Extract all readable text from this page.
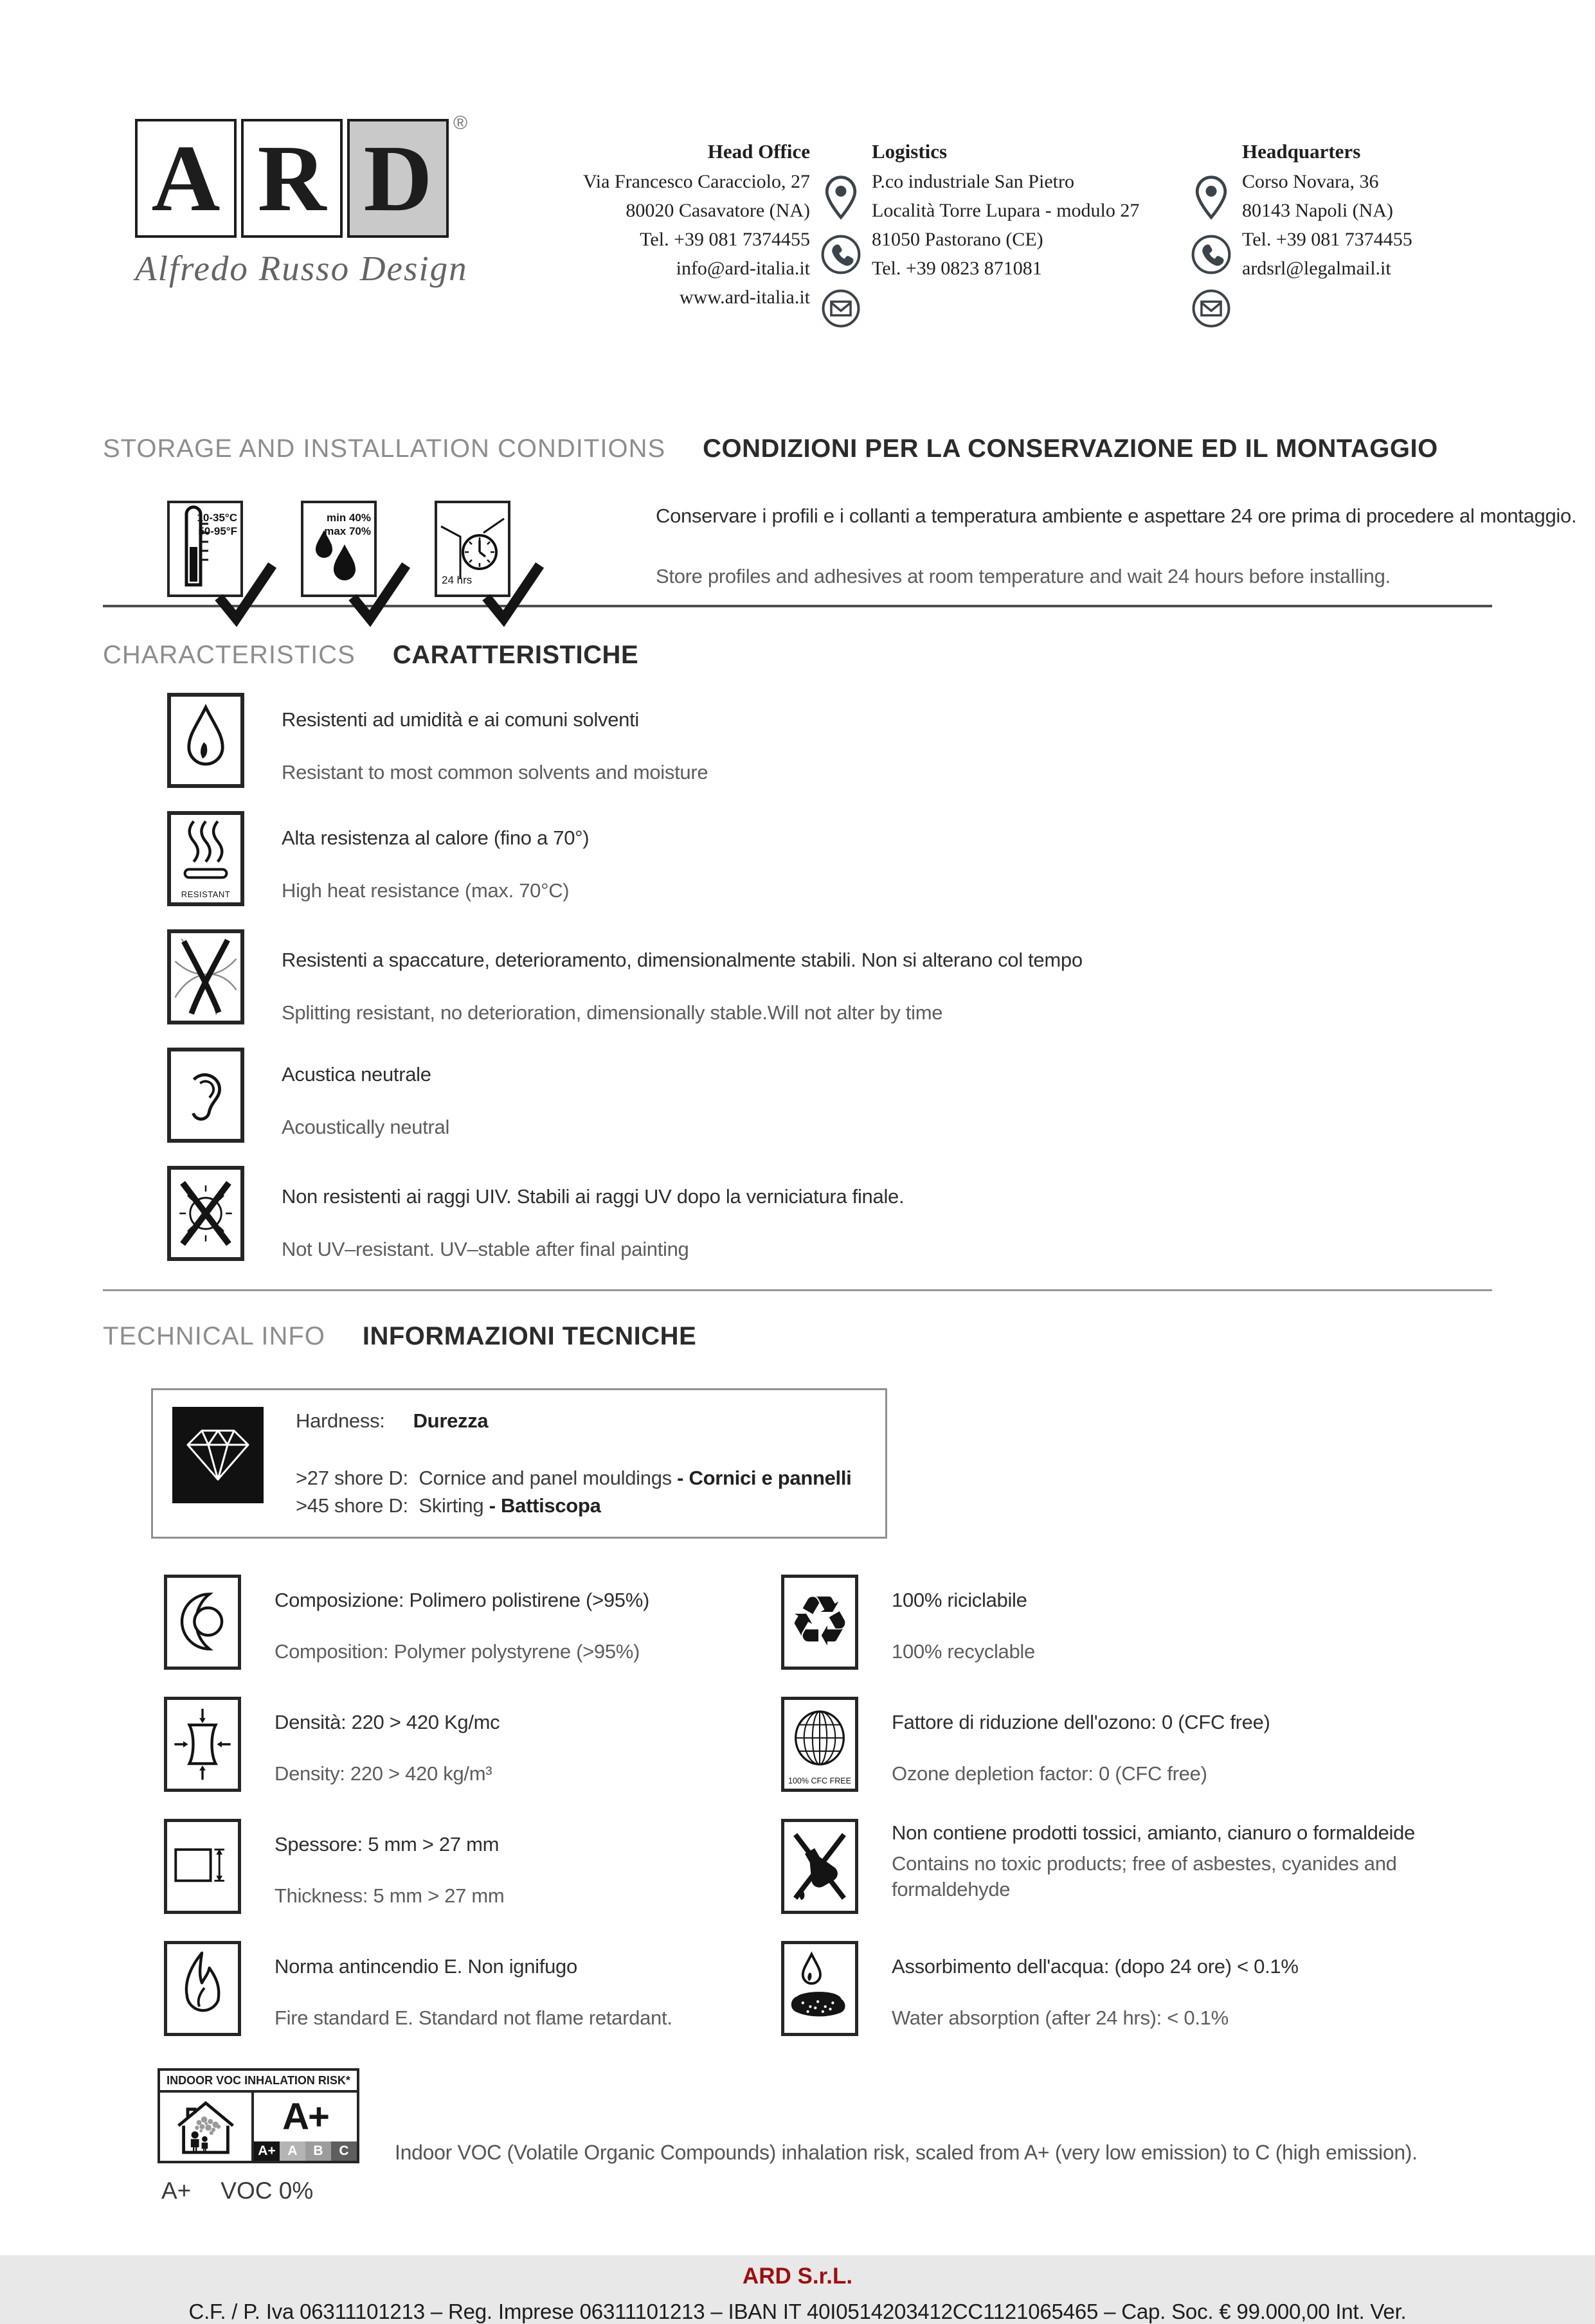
A R D
®
Alfredo Russo Design
Head Office
Via Francesco Caracciolo, 27
80020 Casavatore (NA)
Tel. +39 081 7374455
info@ard-italia.it
www.ard-italia.it
Logistics
P.co industriale San Pietro
Località Torre Lupara - modulo 27
81050 Pastorano (CE)
Tel. +39 0823 871081
Headquarters
Corso Novara, 36
80143 Napoli (NA)
Tel. +39 081 7374455
ardsrl@legalmail.it
STORAGE AND INSTALLATION CONDITIONS CONDIZIONI PER LA CONSERVAZIONE ED IL MONTAGGIO
10-35°C
50-95°F
min 40%
max 70%
24 hrs
Conservare i profili e i collanti a temperatura ambiente e aspettare 24 ore prima di procedere al montaggio.
Store profiles and adhesives at room temperature and wait 24 hours before installing.
CHARACTERISTICS CARATTERISTICHE
Resistenti ad umidità e ai comuni solventi
Resistant to most common solvents and moisture
RESISTANT
Alta resistenza al calore (fino a 70°)
High heat resistance (max. 70°C)
Resistenti a spaccature, deterioramento, dimensionalmente stabili. Non si alterano col tempo
Splitting resistant, no deterioration, dimensionally stable.Will not alter by time
Acustica neutrale
Acoustically neutral
Non resistenti ai raggi UIV. Stabili ai raggi UV dopo la verniciatura finale.
Not UV–resistant. UV–stable after final painting
TECHNICAL INFO INFORMAZIONI TECNICHE
Hardness: Durezza
>27 shore D: Cornice and panel mouldings - Cornici e pannelli
>45 shore D: Skirting - Battiscopa
Composizione: Polimero polistirene (>95%)
Composition: Polymer polystyrene (>95%) ♻ 100% riciclabile
100% recyclable
Densità: 220 > 420 Kg/mc
Density: 220 > 420 kg/m³	100% CFC FREE
Fattore di riduzione dell'ozono: 0 (CFC free)
Ozone depletion factor: 0 (CFC free)
Spessore: 5 mm > 27 mm
Thickness: 5 mm > 27 mm
Non contiene prodotti tossici, amianto, cianuro o formaldeide
Contains no toxic products; free of asbestes, cyanides and formaldehyde
Norma antincendio E. Non ignifugo
Fire standard E. Standard not flame retardant.
Assorbimento dell'acqua: (dopo 24 ore) < 0.1%
Water absorption (after 24 hrs): < 0.1%
INDOOR VOC INHALATION RISK*
A+
A+ A	B	C
A+ VOC 0%
Indoor VOC (Volatile Organic Compounds) inhalation risk, scaled from A+ (very low emission) to C (high emission).
ARD S.r.L.
C.F. / P. Iva 06311101213 – Reg. Imprese 06311101213 – IBAN IT 40I0514203412CC1121065465 – Cap. Soc. € 99.000,00 Int. Ver.
